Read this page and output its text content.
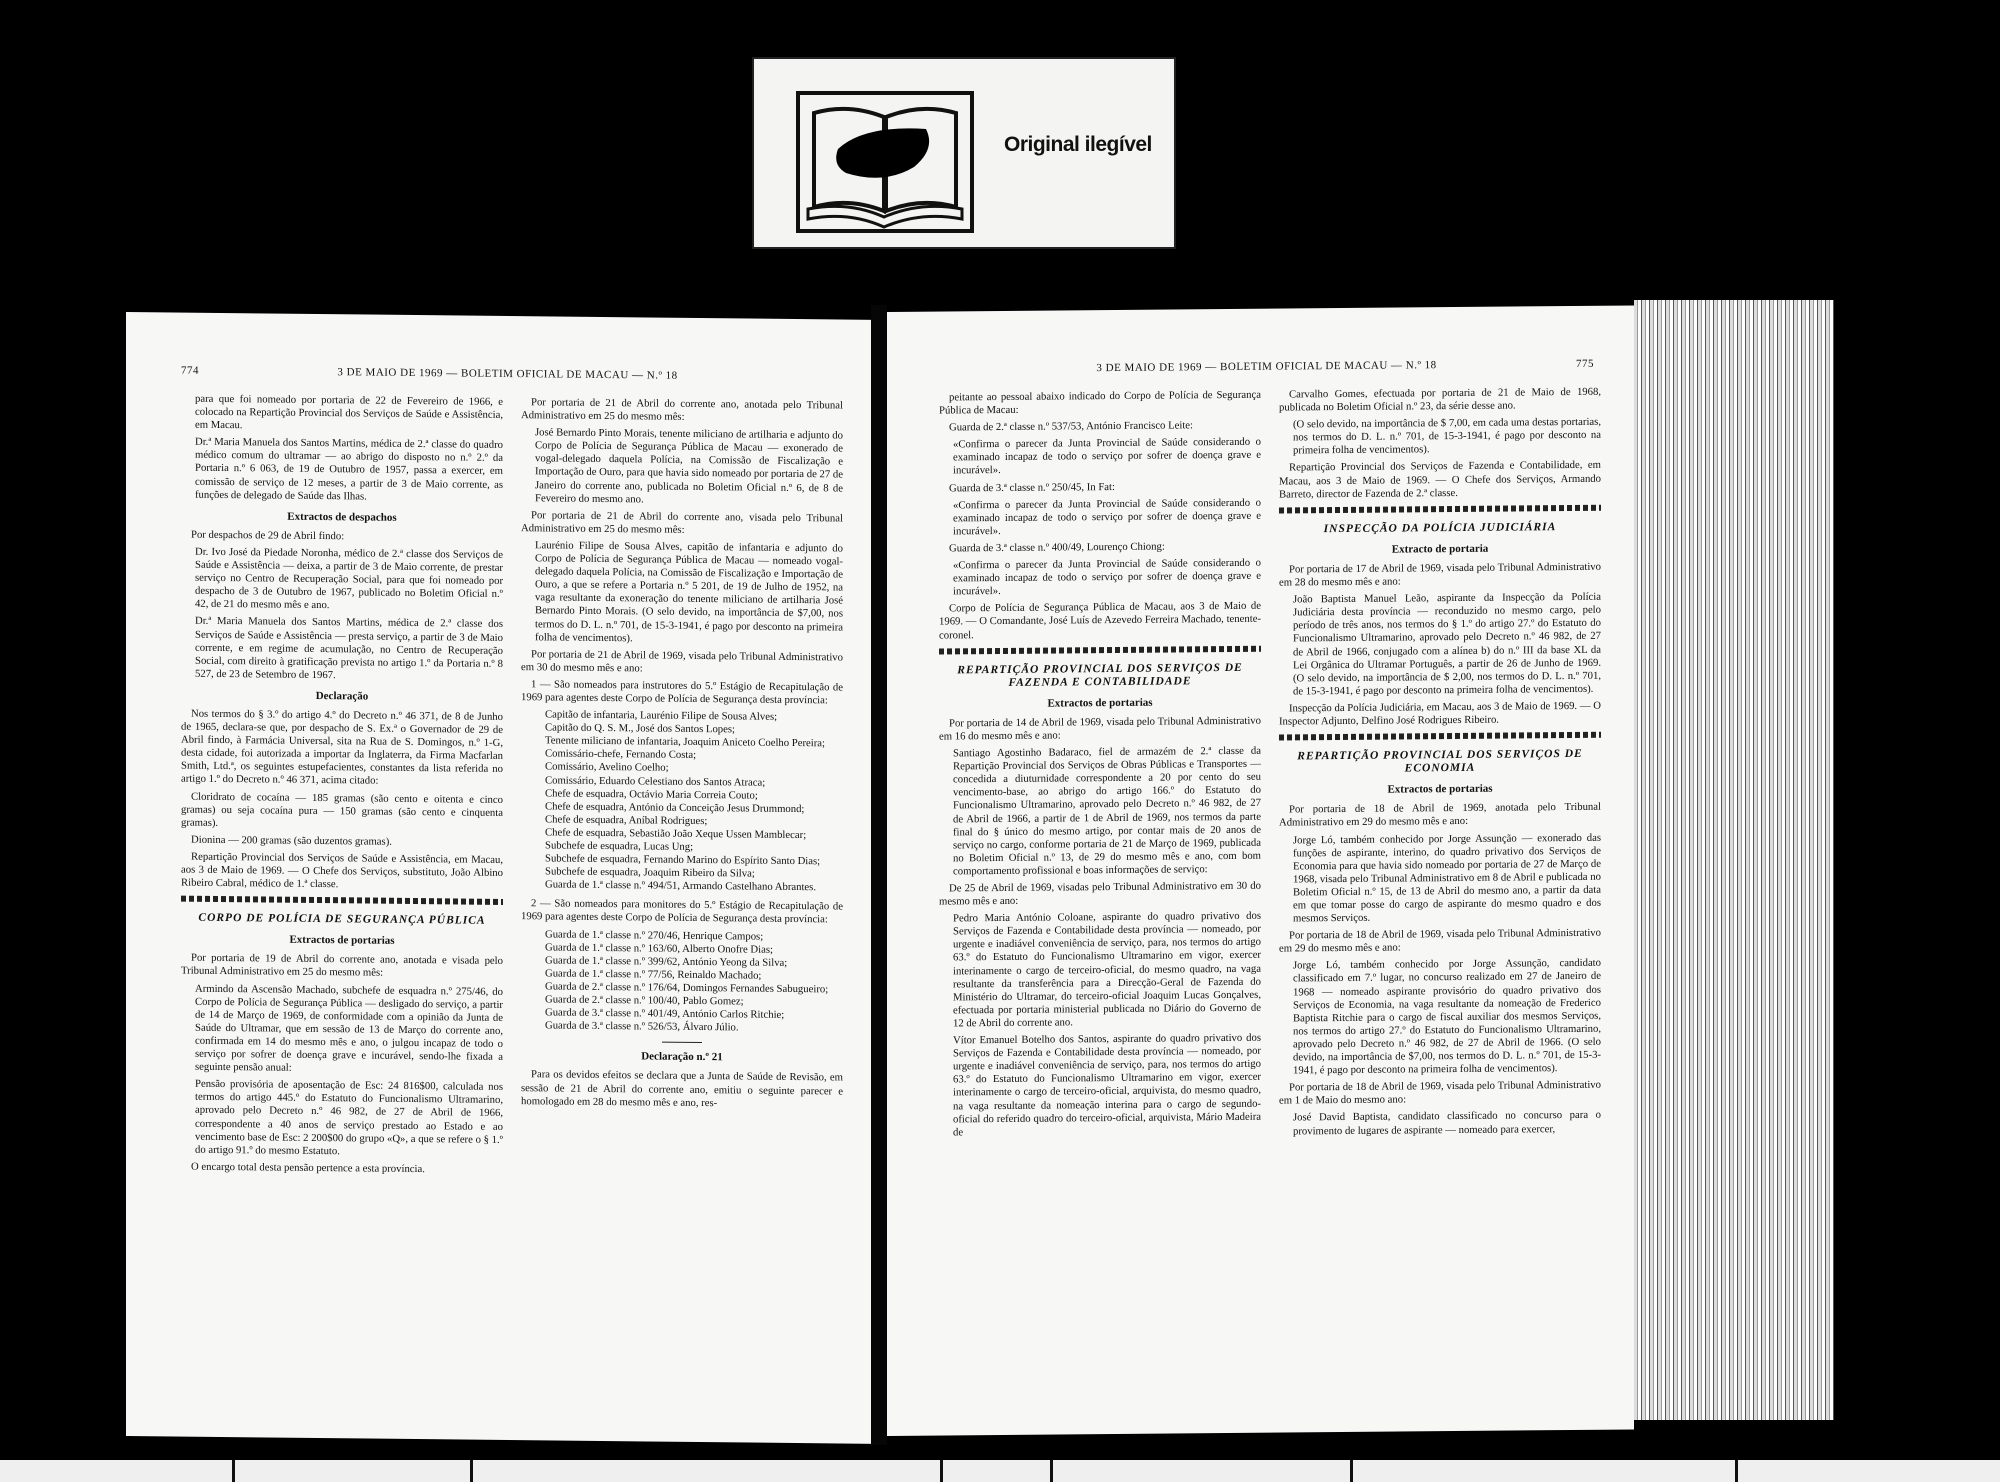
Original ilegível
774	3 DE MAIO DE 1969 — BOLETIM OFICIAL DE MACAU — N.º 18

para que foi nomeado por portaria de 22 de Fevereiro de 1966, e colocado na Repartição Provincial dos Serviços de Saúde e Assistência, em Macau.

Dr.ª Maria Manuela dos Santos Martins, médica de 2.ª classe do quadro médico comum do ultramar — ao abrigo do disposto no n.º 2.º da Portaria n.º 6 063, de 19 de Outubro de 1957, passa a exercer, em comissão de serviço de 12 meses, a partir de 3 de Maio corrente, as funções de delegado de Saúde das Ilhas.

Extractos de despachos

Por despachos de 29 de Abril findo:

Dr. Ivo José da Piedade Noronha, médico de 2.ª classe dos Serviços de Saúde e Assistência — deixa, a partir de 3 de Maio corrente, de prestar serviço no Centro de Recuperação Social, para que foi nomeado por despacho de 3 de Outubro de 1967, publicado no Boletim Oficial n.º 42, de 21 do mesmo mês e ano.

Dr.ª Maria Manuela dos Santos Martins, médica de 2.ª classe dos Serviços de Saúde e Assistência — presta serviço, a partir de 3 de Maio corrente, e em regime de acumulação, no Centro de Recuperação Social, com direito à gratificação prevista no artigo 1.º da Portaria n.º 8 527, de 23 de Setembro de 1967.

Declaração

Nos termos do § 3.º do artigo 4.º do Decreto n.º 46 371, de 8 de Junho de 1965, declara-se que, por despacho de S. Ex.ª o Governador de 29 de Abril findo, à Farmácia Universal, sita na Rua de S. Domingos, n.º 1-G, desta cidade, foi autorizada a importar da Inglaterra, da Firma Macfarlan Smith, Ltd.ª, os seguintes estupefacientes, constantes da lista referida no artigo 1.º do Decreto n.º 46 371, acima citado:

Cloridrato de cocaína — 185 gramas (são cento e oitenta e cinco gramas) ou seja cocaína pura — 150 gramas (são cento e cinquenta gramas).

Dionina — 200 gramas (são duzentos gramas).

Repartição Provincial dos Serviços de Saúde e Assistência, em Macau, aos 3 de Maio de 1969. — O Chefe dos Serviços, substituto, João Albino Ribeiro Cabral, médico de 1.ª classe.

CORPO DE POLÍCIA DE SEGURANÇA PÚBLICA
Extractos de portarias

Por portaria de 19 de Abril do corrente ano, anotada e visada pelo Tribunal Administrativo em 25 do mesmo mês:

Armindo da Ascensão Machado, subchefe de esquadra n.º 275/46, do Corpo de Polícia de Segurança Pública — desligado do serviço, a partir de 14 de Março de 1969, de conformidade com a opinião da Junta de Saúde do Ultramar, que em sessão de 13 de Março do corrente ano, confirmada em 14 do mesmo mês e ano, o julgou incapaz de todo o serviço por sofrer de doença grave e incurável, sendo-lhe fixada a seguinte pensão anual:

Pensão provisória de aposentação de Esc: 24 816$00, calculada nos termos do artigo 445.º do Estatuto do Funcionalismo Ultramarino, aprovado pelo Decreto n.º 46 982, de 27 de Abril de 1966, correspondente a 40 anos de serviço prestado ao Estado e ao vencimento base de Esc: 2 200$00 do grupo «Q», a que se refere o § 1.º do artigo 91.º do mesmo Estatuto.

O encargo total desta pensão pertence a esta província.

Por portaria de 21 de Abril do corrente ano, anotada pelo Tribunal Administrativo em 25 do mesmo mês:

José Bernardo Pinto Morais, tenente miliciano de artilharia e adjunto do Corpo de Polícia de Segurança Pública de Macau — exonerado de vogal-delegado daquela Polícia, na Comissão de Fiscalização e Importação de Ouro, para que havia sido nomeado por portaria de 27 de Janeiro do corrente ano, publicada no Boletim Oficial n.º 6, de 8 de Fevereiro do mesmo ano.

Por portaria de 21 de Abril do corrente ano, visada pelo Tribunal Administrativo em 25 do mesmo mês:

Laurénio Filipe de Sousa Alves, capitão de infantaria e adjunto do Corpo de Polícia de Segurança Pública de Macau — nomeado vogal-delegado daquela Polícia, na Comissão de Fiscalização e Importação de Ouro, a que se refere a Portaria n.º 5 201, de 19 de Julho de 1952, na vaga resultante da exoneração do tenente miliciano de artilharia José Bernardo Pinto Morais. (O selo devido, na importância de $7,00, nos termos do D. L. n.º 701, de 15-3-1941, é pago por desconto na primeira folha de vencimentos).

Por portaria de 21 de Abril de 1969, visada pelo Tribunal Administrativo em 30 do mesmo mês e ano:

1 — São nomeados para instrutores do 5.º Estágio de Recapitulação de 1969 para agentes deste Corpo de Polícia de Segurança desta província:

Capitão de infantaria, Laurénio Filipe de Sousa Alves;
Capitão do Q. S. M., José dos Santos Lopes;
Tenente miliciano de infantaria, Joaquim Aniceto Coelho Pereira;
Comissário-chefe, Fernando Costa;
Comissário, Avelino Coelho;
Comissário, Eduardo Celestiano dos Santos Atraca;
Chefe de esquadra, Octávio Maria Correia Couto;
Chefe de esquadra, António da Conceição Jesus Drummond;
Chefe de esquadra, Aníbal Rodrigues;
Chefe de esquadra, Sebastião João Xeque Ussen Mamblecar;
Subchefe de esquadra, Lucas Ung;
Subchefe de esquadra, Fernando Marino do Espírito Santo Dias;
Subchefe de esquadra, Joaquim Ribeiro da Silva;
Guarda de 1.ª classe n.º 494/51, Armando Castelhano Abrantes.

2 — São nomeados para monitores do 5.º Estágio de Recapitulação de 1969 para agentes deste Corpo de Polícia de Segurança desta província:

Guarda de 1.ª classe n.º 270/46, Henrique Campos;
Guarda de 1.ª classe n.º 163/60, Alberto Onofre Dias;
Guarda de 1.ª classe n.º 399/62, António Yeong da Silva;
Guarda de 1.ª classe n.º 77/56, Reinaldo Machado;
Guarda de 2.ª classe n.º 176/64, Domingos Fernandes Sabugueiro;
Guarda de 2.ª classe n.º 100/40, Pablo Gomez;
Guarda de 3.ª classe n.º 401/49, António Carlos Ritchie;
Guarda de 3.ª classe n.º 526/53, Álvaro Júlio.
Declaração n.º 21

Para os devidos efeitos se declara que a Junta de Saúde de Revisão, em sessão de 21 de Abril do corrente ano, emitiu o seguinte parecer e homologado em 28 do mesmo mês e ano, res-

3 DE MAIO DE 1969 — BOLETIM OFICIAL DE MACAU — N.º 18	775

peitante ao pessoal abaixo indicado do Corpo de Polícia de Segurança Pública de Macau:

Guarda de 2.ª classe n.º 537/53, António Francisco Leite:

«Confirma o parecer da Junta Provincial de Saúde considerando o examinado incapaz de todo o serviço por sofrer de doença grave e incurável».

Guarda de 3.ª classe n.º 250/45, In Fat:

«Confirma o parecer da Junta Provincial de Saúde considerando o examinado incapaz de todo o serviço por sofrer de doença grave e incurável».

Guarda de 3.ª classe n.º 400/49, Lourenço Chiong:

«Confirma o parecer da Junta Provincial de Saúde considerando o examinado incapaz de todo o serviço por sofrer de doença grave e incurável».

Corpo de Polícia de Segurança Pública de Macau, aos 3 de Maio de 1969. — O Comandante, José Luís de Azevedo Ferreira Machado, tenente-coronel.

REPARTIÇÃO PROVINCIAL DOS SERVIÇOS DE FAZENDA E CONTABILIDADE
Extractos de portarias

Por portaria de 14 de Abril de 1969, visada pelo Tribunal Administrativo em 16 do mesmo mês e ano:

Santiago Agostinho Badaraco, fiel de armazém de 2.ª classe da Repartição Provincial dos Serviços de Obras Públicas e Transportes — concedida a diuturnidade correspondente a 20 por cento do seu vencimento-base, ao abrigo do artigo 166.º do Estatuto do Funcionalismo Ultramarino, aprovado pelo Decreto n.º 46 982, de 27 de Abril de 1966, a partir de 1 de Abril de 1969, nos termos da parte final do § único do mesmo artigo, por contar mais de 20 anos de serviço no cargo, conforme portaria de 21 de Março de 1969, publicada no Boletim Oficial n.º 13, de 29 do mesmo mês e ano, com bom comportamento profissional e boas informações de serviço:

De 25 de Abril de 1969, visadas pelo Tribunal Administrativo em 30 do mesmo mês e ano:

Pedro Maria António Coloane, aspirante do quadro privativo dos Serviços de Fazenda e Contabilidade desta província — nomeado, por urgente e inadiável conveniência de serviço, para, nos termos do artigo 63.º do Estatuto do Funcionalismo Ultramarino em vigor, exercer interinamente o cargo de terceiro-oficial, do mesmo quadro, na vaga resultante da transferência para a Direcção-Geral de Fazenda do Ministério do Ultramar, do terceiro-oficial Joaquim Lucas Gonçalves, efectuada por portaria ministerial publicada no Diário do Governo de 12 de Abril do corrente ano.

Vítor Emanuel Botelho dos Santos, aspirante do quadro privativo dos Serviços de Fazenda e Contabilidade desta província — nomeado, por urgente e inadiável conveniência de serviço, para, nos termos do artigo 63.º do Estatuto do Funcionalismo Ultramarino em vigor, exercer interinamente o cargo de terceiro-oficial, arquivista, do mesmo quadro, na vaga resultante da nomeação interina para o cargo de segundo-oficial do referido quadro do terceiro-oficial, arquivista, Mário Madeira de

Carvalho Gomes, efectuada por portaria de 21 de Maio de 1968, publicada no Boletim Oficial n.º 23, da série desse ano.

(O selo devido, na importância de $ 7,00, em cada uma destas portarias, nos termos do D. L. n.º 701, de 15-3-1941, é pago por desconto na primeira folha de vencimentos).

Repartição Provincial dos Serviços de Fazenda e Contabilidade, em Macau, aos 3 de Maio de 1969. — O Chefe dos Serviços, Armando Barreto, director de Fazenda de 2.ª classe.

INSPECÇÃO DA POLÍCIA JUDICIÁRIA
Extracto de portaria

Por portaria de 17 de Abril de 1969, visada pelo Tribunal Administrativo em 28 do mesmo mês e ano:

João Baptista Manuel Leão, aspirante da Inspecção da Polícia Judiciária desta província — reconduzido no mesmo cargo, pelo período de três anos, nos termos do § 1.º do artigo 27.º do Estatuto do Funcionalismo Ultramarino, aprovado pelo Decreto n.º 46 982, de 27 de Abril de 1966, conjugado com a alínea b) do n.º III da base XL da Lei Orgânica do Ultramar Português, a partir de 26 de Junho de 1969. (O selo devido, na importância de $ 2,00, nos termos do D. L. n.º 701, de 15-3-1941, é pago por desconto na primeira folha de vencimentos).

Inspecção da Polícia Judiciária, em Macau, aos 3 de Maio de 1969. — O Inspector Adjunto, Delfino José Rodrigues Ribeiro.

REPARTIÇÃO PROVINCIAL DOS SERVIÇOS DE ECONOMIA
Extractos de portarias

Por portaria de 18 de Abril de 1969, anotada pelo Tribunal Administrativo em 29 do mesmo mês e ano:

Jorge Ló, também conhecido por Jorge Assunção — exonerado das funções de aspirante, interino, do quadro privativo dos Serviços de Economia para que havia sido nomeado por portaria de 27 de Março de 1968, visada pelo Tribunal Administrativo em 8 de Abril e publicada no Boletim Oficial n.º 15, de 13 de Abril do mesmo ano, a partir da data em que tomar posse do cargo de aspirante do mesmo quadro e dos mesmos Serviços.

Por portaria de 18 de Abril de 1969, visada pelo Tribunal Administrativo em 29 do mesmo mês e ano:

Jorge Ló, também conhecido por Jorge Assunção, candidato classificado em 7.º lugar, no concurso realizado em 27 de Janeiro de 1968 — nomeado aspirante provisório do quadro privativo dos Serviços de Economia, na vaga resultante da nomeação de Frederico Baptista Ritchie para o cargo de fiscal auxiliar dos mesmos Serviços, nos termos do artigo 27.º do Estatuto do Funcionalismo Ultramarino, aprovado pelo Decreto n.º 46 982, de 27 de Abril de 1966. (O selo devido, na importância de $7,00, nos termos do D. L. n.º 701, de 15-3-1941, é pago por desconto na primeira folha de vencimentos).

Por portaria de 18 de Abril de 1969, visada pelo Tribunal Administrativo em 1 de Maio do mesmo ano:

José David Baptista, candidato classificado no concurso para o provimento de lugares de aspirante — nomeado para exercer,
